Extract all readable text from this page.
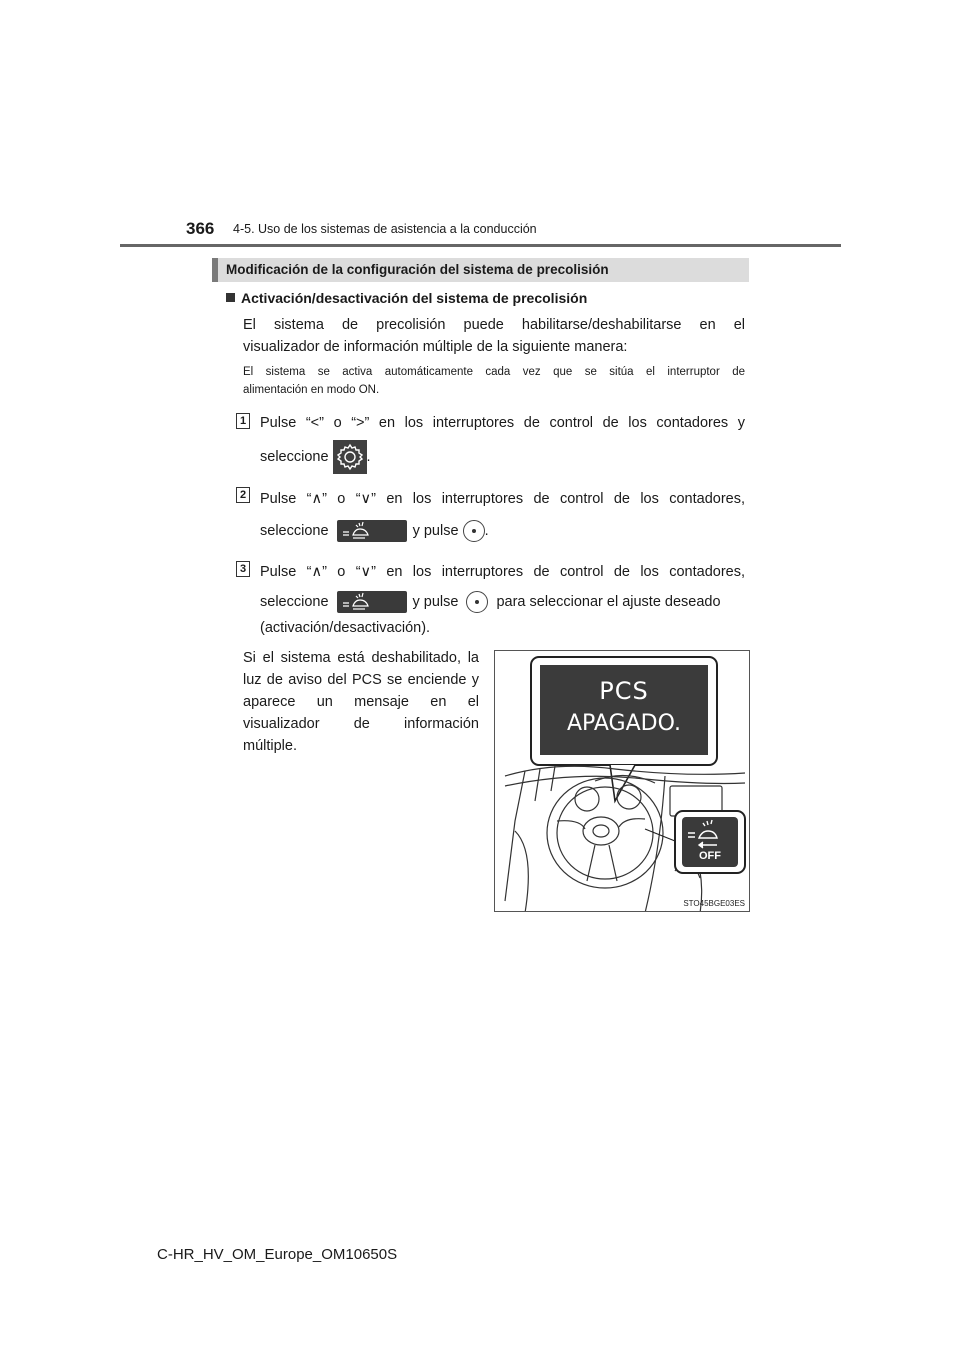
366 4-5. Uso de los sistemas de asistencia a la conducción
Modificación de la configuración del sistema de precolisión
Activación/desactivación del sistema de precolisión
El sistema de precolisión puede habilitarse/deshabilitarse en el
visualizador de información múltiple de la siguiente manera:
El sistema se activa automáticamente cada vez que se sitúa el interruptor de
alimentación en modo ON.
1 Pulse “<” o “>” en los interruptores de control de los contadores y
seleccione	.
2 Pulse “∧” o “∨” en los interruptores de control de los contadores,
seleccione	y pulse .
3 Pulse “∧” o “∨” en los interruptores de control de los contadores,
seleccione	y pulse	para seleccionar el ajuste deseado
(activación/desactivación).
Si el sistema está deshabilitado, la
luz de aviso del PCS se enciende y
aparece un mensaje en el
visualizador de información
múltiple.
PCS
APAGADO.
OFF
STO45BGE03ES
C-HR_HV_OM_Europe_OM10650S
